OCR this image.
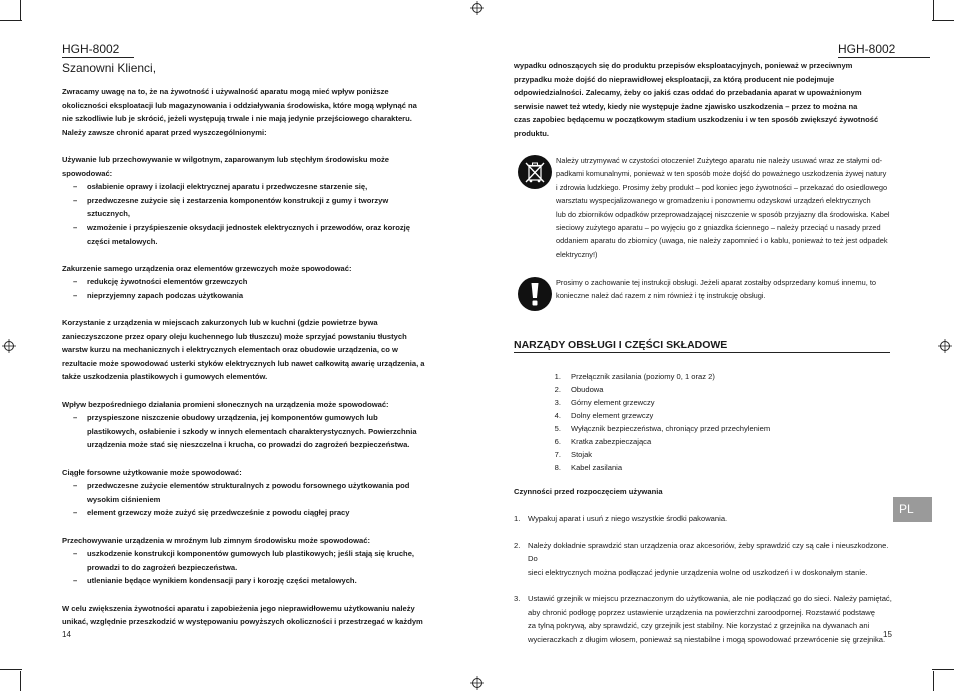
HGH-8002
Szanowni Klienci,
Zwracamy uwagę na to, że na żywotność i używalność aparatu mogą mieć wpływ poniższe
okoliczności eksploatacji lub magazynowania i oddziaływania środowiska, które mogą wpłynąć na
nie szkodliwie lub je skrócić, jeżeli występują trwale i nie mają jedynie przejściowego charakteru.
Należy zawsze chronić aparat przed wyszczególnionymi:
Używanie lub przechowywanie w wilgotnym, zaparowanym lub stęchłym środowisku może
spowodować:
– osłabienie oprawy i izolacji elektrycznej aparatu i przedwczesne starzenie się,
– przedwczesne zużycie się i zestarzenia komponentów konstrukcji z gumy i tworzyw
sztucznych,
– wzmożenie i przyśpieszenie oksydacji jednostek elektrycznych i przewodów, oraz korozję
części metalowych.
Zakurzenie samego urządzenia oraz elementów grzewczych może spowodować:
– redukcję żywotności elementów grzewczych
– nieprzyjemny zapach podczas użytkowania
Korzystanie z urządzenia w miejscach zakurzonych lub w kuchni (gdzie powietrze bywa
zanieczyszczone przez opary oleju kuchennego lub tłuszczu) może sprzyjać powstaniu tłustych
warstw kurzu na mechanicznych i elektrycznych elementach oraz obudowie urządzenia, co w
rezultacie może spowodować usterki styków elektrycznych lub nawet całkowitą awarię urządzenia, a
także uszkodzenia plastikowych i gumowych elementów.
Wpływ bezpośredniego działania promieni słonecznych na urządzenia może spowodować:
– przyspieszone niszczenie obudowy urządzenia, jej komponentów gumowych lub
plastikowych, osłabienie i szkody w innych elementach charakterystycznych. Powierzchnia
urządzenia może stać się nieszczelna i krucha, co prowadzi do zagrożeń bezpieczeństwa.
Ciągłe forsowne użytkowanie może spowodować:
– przedwczesne zużycie elementów strukturalnych z powodu forsownego użytkowania pod
wysokim ciśnieniem
– element grzewczy może zużyć się przedwcześnie z powodu ciągłej pracy
Przechowywanie urządzenia w mroźnym lub zimnym środowisku może spowodować:
– uszkodzenie konstrukcji komponentów gumowych lub plastikowych; jeśli stają się kruche,
prowadzi to do zagrożeń bezpieczeństwa.
– utlenianie będące wynikiem kondensacji pary i korozję części metalowych.
W celu zwiększenia żywotności aparatu i zapobieżenia jego nieprawidłowemu użytkowaniu należy
unikać, względnie przeszkodzić w występowaniu powyższych okoliczności i przestrzegać w każdym
14
HGH-8002
wypadku odnoszących się do produktu przepisów eksploatacyjnych, ponieważ w przeciwnym
przypadku może dojść do nieprawidłowej eksploatacji, za którą producent nie podejmuje
odpowiedzialności. Zalecamy, żeby co jakiś czas oddać do przebadania aparat w upoważnionym
serwisie nawet też wtedy, kiedy nie występuje żadne zjawisko uszkodzenia – przez to można na
czas zapobiec będącemu w początkowym stadium uszkodzeniu i w ten sposób zwiększyć żywotność
produktu.
Należy utrzymywać w czystości otoczenie! Zużytego aparatu nie należy usuwać wraz ze stałymi od-
padkami komunalnymi, ponieważ w ten sposób może dojść do poważnego uszkodzenia żywej natury
i zdrowia ludzkiego. Prosimy żeby produkt – pod koniec jego żywotności – przekazać do osiedlowego
warsztatu wyspecjalizowanego w gromadzeniu i ponownemu odzyskowi urządzeń elektrycznych
lub do zbiorników odpadków przeprowadzającej niszczenie w sposób przyjazny dla środowiska. Kabel
sieciowy zużytego aparatu – po wyjęciu go z gniazdka ściennego – należy przeciąć u nasady przed
oddaniem aparatu do zbiornicy (uwaga, nie należy zapomnieć i o kablu, ponieważ to też jest odpadek
elektryczny!)
Prosimy o zachowanie tej instrukcji obsługi. Jeżeli aparat zostałby odsprzedany komuś innemu, to
konieczne należ dać razem z nim również i tę instrukcję obsługi.
NARZĄDY OBSŁUGI I CZĘŚCI SKŁADOWE
1. Przełącznik zasilania (poziomy 0, 1 oraz 2)
2. Obudowa
3. Górny element grzewczy
4. Dolny element grzewczy
5. Wyłącznik bezpieczeństwa, chroniący przed przechyleniem
6. Kratka zabezpieczająca
7. Stojak
8. Kabel zasilania
Czynności przed rozpoczęciem używania
1. Wypakuj aparat i usuń z niego wszystkie środki pakowania.
2. Należy dokładnie sprawdzić stan urządzenia oraz akcesoriów, żeby sprawdzić czy są całe i nieuszkodzone. Do
sieci elektrycznych można podłączać jedynie urządzenia wolne od uszkodzeń i w doskonałym stanie.
3. Ustawić grzejnik w miejscu przeznaczonym do użytkowania, ale nie podłączać go do sieci. Należy pamiętać,
aby chronić podłogę poprzez ustawienie urządzenia na powierzchni zaroodpornej. Rozstawić podstawę
za tylną pokrywą, aby sprawdzić, czy grzejnik jest stabilny. Nie korzystać z grzejnika na dywanach ani
wycieraczkach z długim włosem, ponieważ są niestabilne i mogą spowodować przewrócenie się grzejnika.
PL
15
